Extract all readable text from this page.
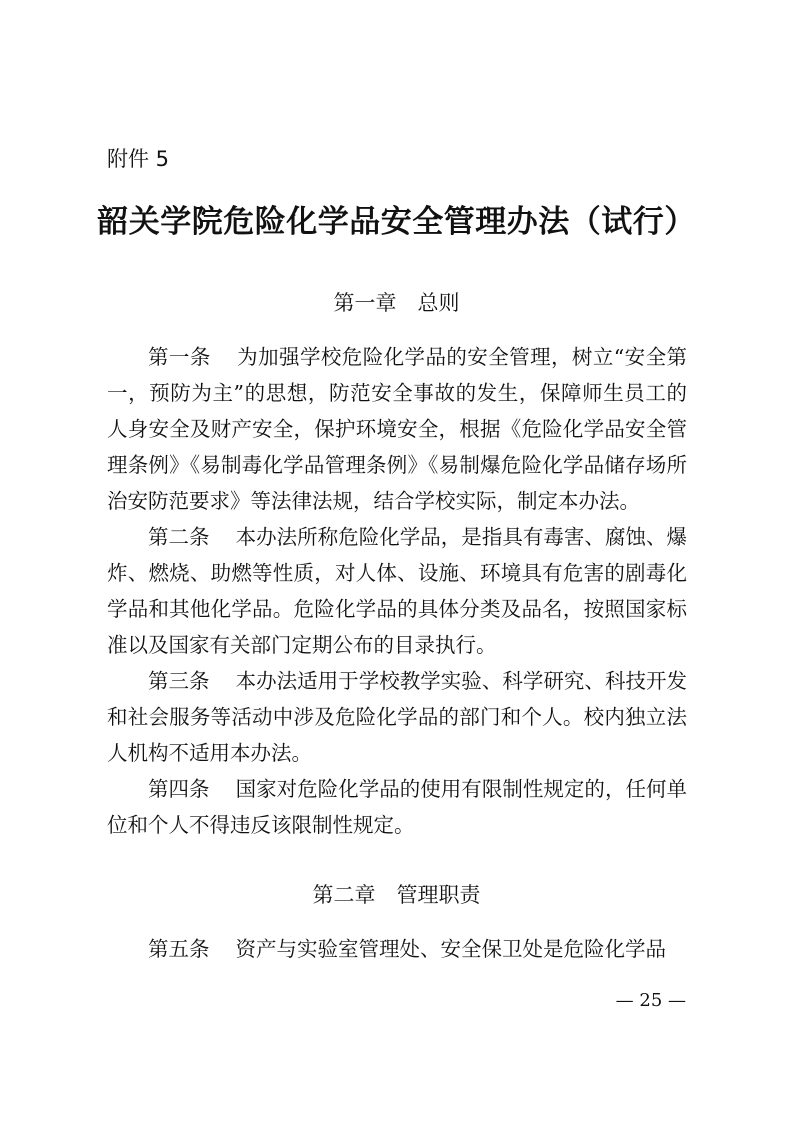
附件 5
韶关学院危险化学品安全管理办法（试行）
第一章　总则

第一条 为加强学校危险化学品的安全管理，树立“安全第一，预防为主”的思想，防范安全事故的发生，保障师生员工的人身安全及财产安全，保护环境安全，根据《危险化学品安全管理条例》《易制毒化学品管理条例》《易制爆危险化学品储存场所治安防范要求》等法律法规，结合学校实际，制定本办法。

第二条 本办法所称危险化学品，是指具有毒害、腐蚀、爆炸、燃烧、助燃等性质，对人体、设施、环境具有危害的剧毒化学品和其他化学品。危险化学品的具体分类及品名，按照国家标准以及国家有关部门定期公布的目录执行。

第三条 本办法适用于学校教学实验、科学研究、科技开发和社会服务等活动中涉及危险化学品的部门和个人。校内独立法人机构不适用本办法。

第四条 国家对危险化学品的使用有限制性规定的，任何单位和个人不得违反该限制性规定。

第二章　管理职责

第五条 资产与实验室管理处、安全保卫处是危险化学品

— 25 —
